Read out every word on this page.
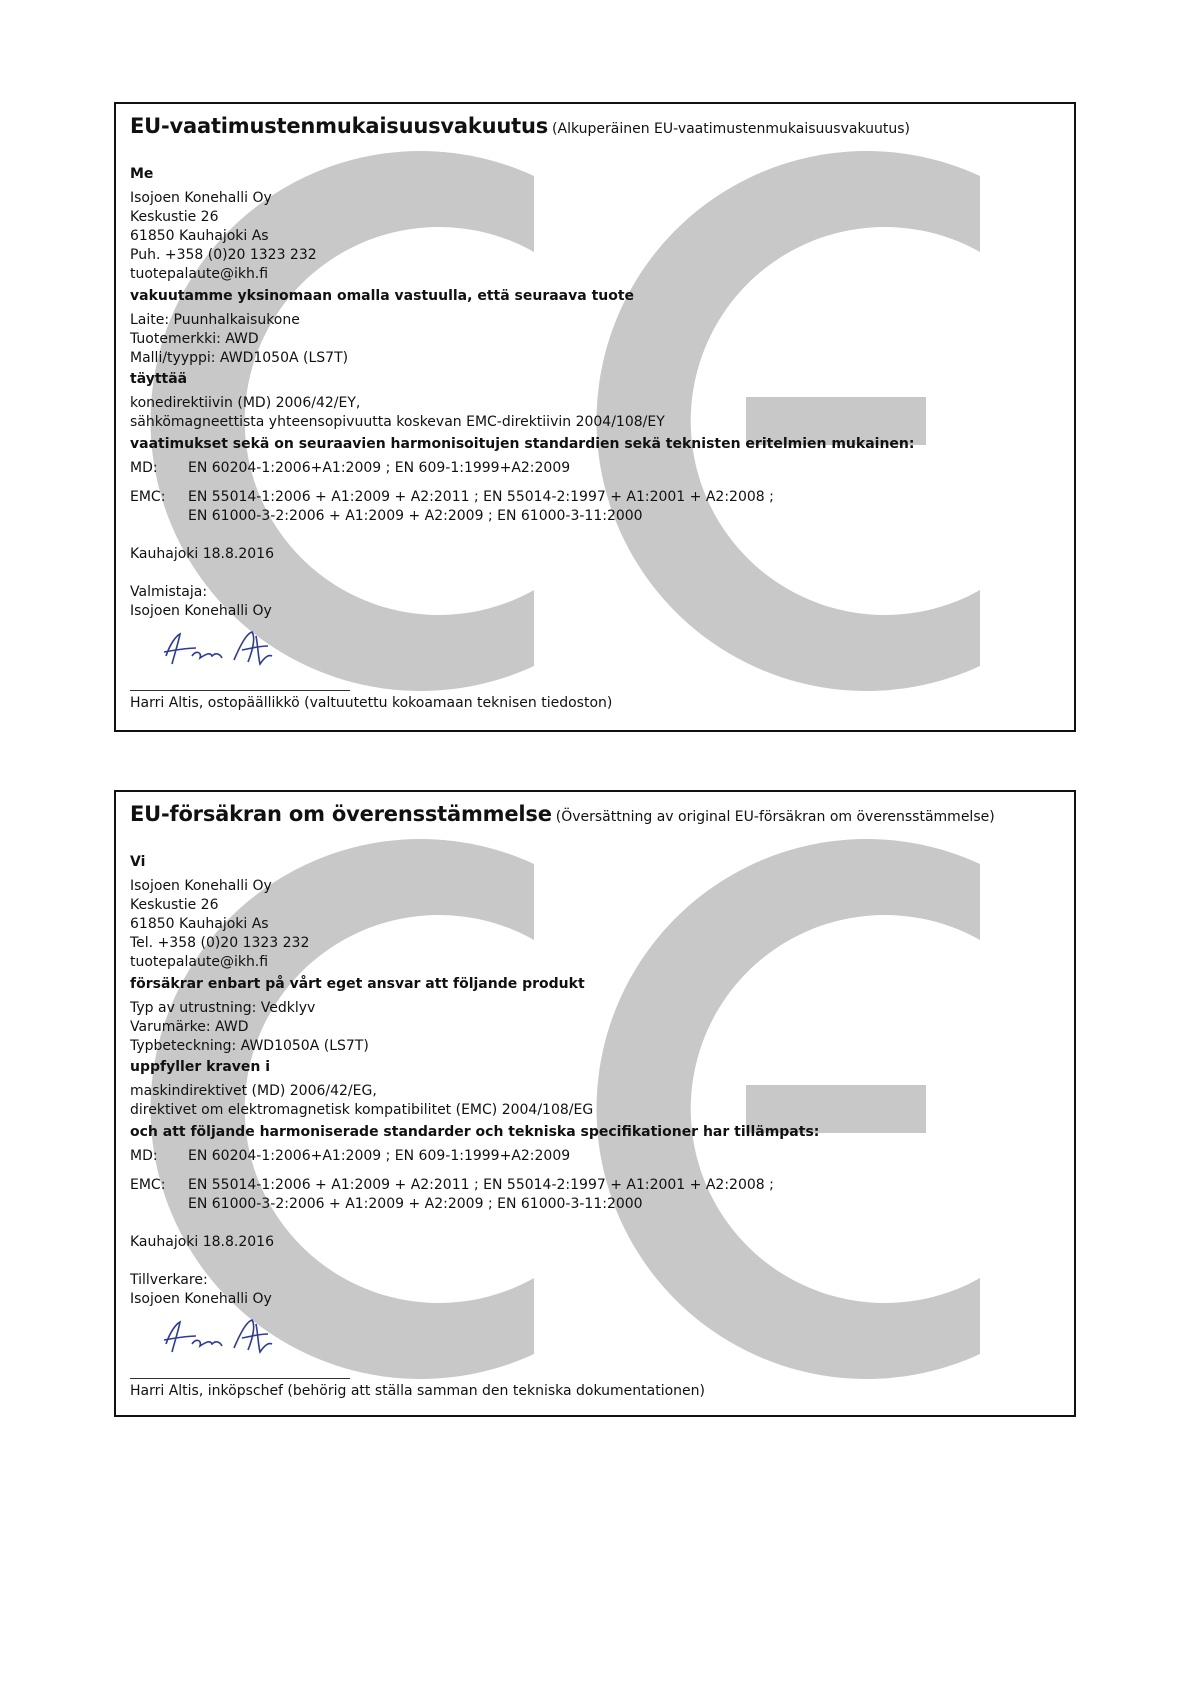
EU-vaatimustenmukaisuusvakuutus (Alkuperäinen EU-vaatimustenmukaisuusvakuutus)
Me
Isojoen Konehalli Oy
Keskustie 26
61850 Kauhajoki As
Puh. +358 (0)20 1323 232
tuotepalaute@ikh.fi
vakuutamme yksinomaan omalla vastuulla, että seuraava tuote
Laite: Puunhalkaisukone
Tuotemerkki: AWD
Malli/tyyppi: AWD1050A (LS7T)
täyttää
konedirektiivin (MD) 2006/42/EY,
sähkömagneettista yhteensopivuutta koskevan EMC-direktiivin 2004/108/EY
vaatimukset sekä on seuraavien harmonisoitujen standardien sekä teknisten eritelmien mukainen:
MD: EN 60204-1:2006+A1:2009 ; EN 609-1:1999+A2:2009
EMC: EN 55014-1:2006 + A1:2009 + A2:2011 ; EN 55014-2:1997 + A1:2001 + A2:2008 ;
EN 61000-3-2:2006 + A1:2009 + A2:2009 ; EN 61000-3-11:2000
Kauhajoki 18.8.2016
Valmistaja:
Isojoen Konehalli Oy
Harri Altis, ostopäällikkö (valtuutettu kokoamaan teknisen tiedoston)
EU-försäkran om överensstämmelse (Översättning av original EU-försäkran om överensstämmelse)
Vi
Isojoen Konehalli Oy
Keskustie 26
61850 Kauhajoki As
Tel. +358 (0)20 1323 232
tuotepalaute@ikh.fi
försäkrar enbart på vårt eget ansvar att följande produkt
Typ av utrustning: Vedklyv
Varumärke: AWD
Typbeteckning: AWD1050A (LS7T)
uppfyller kraven i
maskindirektivet (MD) 2006/42/EG,
direktivet om elektromagnetisk kompatibilitet (EMC) 2004/108/EG
och att följande harmoniserade standarder och tekniska specifikationer har tillämpats:
MD: EN 60204-1:2006+A1:2009 ; EN 609-1:1999+A2:2009
EMC: EN 55014-1:2006 + A1:2009 + A2:2011 ; EN 55014-2:1997 + A1:2001 + A2:2008 ;
EN 61000-3-2:2006 + A1:2009 + A2:2009 ; EN 61000-3-11:2000
Kauhajoki 18.8.2016
Tillverkare:
Isojoen Konehalli Oy
Harri Altis, inköpschef (behörig att ställa samman den tekniska dokumentationen)
